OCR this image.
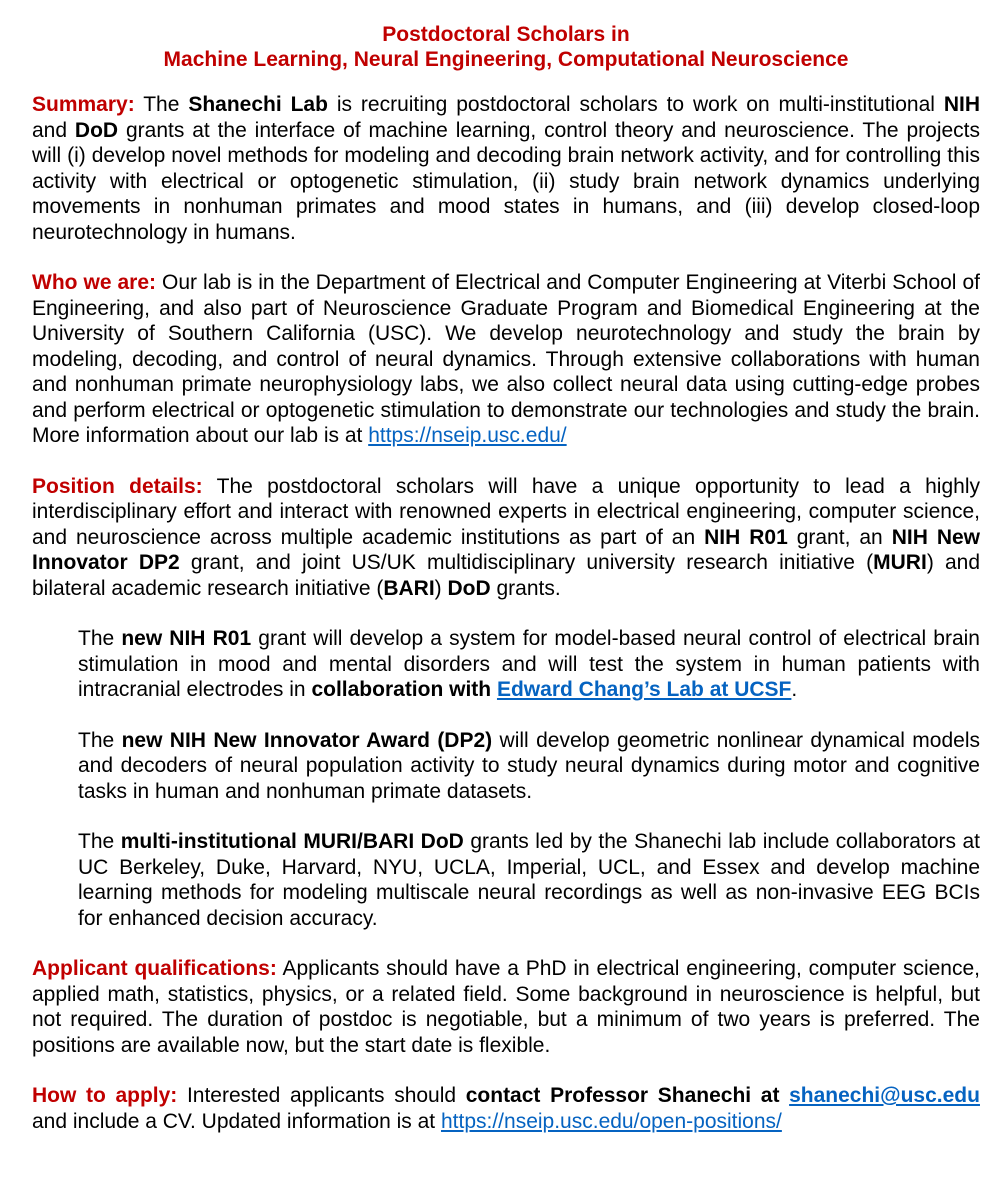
Postdoctoral Scholars in
Machine Learning, Neural Engineering, Computational Neuroscience

Summary: The Shanechi Lab is recruiting postdoctoral scholars to work on multi-institutional NIH and DoD grants at the interface of machine learning, control theory and neuroscience. The projects will (i) develop novel methods for modeling and decoding brain network activity, and for controlling this activity with electrical or optogenetic stimulation, (ii) study brain network dynamics underlying movements in nonhuman primates and mood states in humans, and (iii) develop closed-loop neurotechnology in humans.

Who we are: Our lab is in the Department of Electrical and Computer Engineering at Viterbi School of Engineering, and also part of Neuroscience Graduate Program and Biomedical Engineering at the University of Southern California (USC). We develop neurotechnology and study the brain by modeling, decoding, and control of neural dynamics. Through extensive collaborations with human and nonhuman primate neurophysiology labs, we also collect neural data using cutting-edge probes and perform electrical or optogenetic stimulation to demonstrate our technologies and study the brain. More information about our lab is at https://nseip.usc.edu/

Position details: The postdoctoral scholars will have a unique opportunity to lead a highly interdisciplinary effort and interact with renowned experts in electrical engineering, computer science, and neuroscience across multiple academic institutions as part of an NIH R01 grant, an NIH New Innovator DP2 grant, and joint US/UK multidisciplinary university research initiative (MURI) and bilateral academic research initiative (BARI) DoD grants.

The new NIH R01 grant will develop a system for model-based neural control of electrical brain stimulation in mood and mental disorders and will test the system in human patients with intracranial electrodes in collaboration with Edward Chang’s Lab at UCSF.

The new NIH New Innovator Award (DP2) will develop geometric nonlinear dynamical models and decoders of neural population activity to study neural dynamics during motor and cognitive tasks in human and nonhuman primate datasets.

The multi-institutional MURI/BARI DoD grants led by the Shanechi lab include collaborators at UC Berkeley, Duke, Harvard, NYU, UCLA, Imperial, UCL, and Essex and develop machine learning methods for modeling multiscale neural recordings as well as non-invasive EEG BCIs for enhanced decision accuracy.

Applicant qualifications: Applicants should have a PhD in electrical engineering, computer science, applied math, statistics, physics, or a related field. Some background in neuroscience is helpful, but not required. The duration of postdoc is negotiable, but a minimum of two years is preferred. The positions are available now, but the start date is flexible.

How to apply: Interested applicants should contact Professor Shanechi at shanechi@usc.edu and include a CV. Updated information is at https://nseip.usc.edu/open-positions/
